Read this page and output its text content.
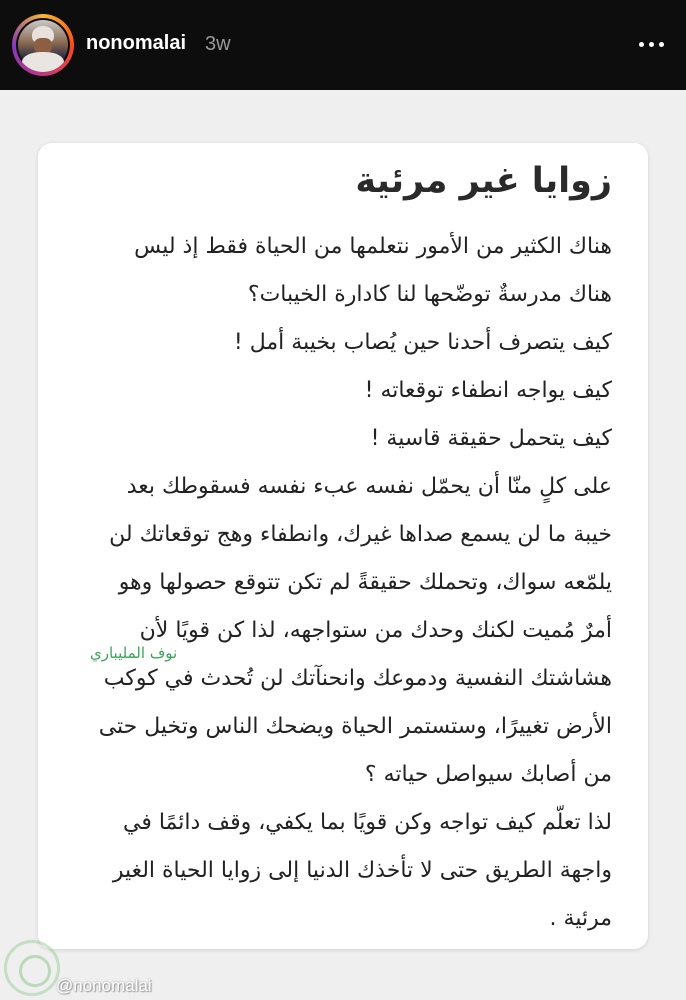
nonomalai 3w
زوايا غير مرئية
هناك الكثير من الأمور نتعلمها من الحياة فقط إذ ليس
هناك مدرسةٌ توضّحها لنا كادارة الخيبات؟
كيف يتصرف أحدنا حين يُصاب بخيبة أمل !
كيف يواجه انطفاء توقعاته !
كيف يتحمل حقيقة قاسية !
على كلٍ منّا أن يحمّل نفسه عبء نفسه فسقوطك بعد
خيبة ما لن يسمع صداها غيرك، وانطفاء وهج توقعاتك لن
يلمّعه سواك، وتحملك حقيقةً لم تكن تتوقع حصولها وهو
أمرٌ مُميت لكنك وحدك من ستواجهه، لذا كن قويًا لأن
هشاشتك النفسية ودموعك وانحنآتك لن تُحدث في كوكب
الأرض تغييرًا، وستستمر الحياة ويضحك الناس وتخيل حتى
من أصابك سيواصل حياته ؟
لذا تعلّم كيف تواجه وكن قويًا بما يكفي، وقف دائمًا في
واجهة الطريق حتى لا تأخذك الدنيا إلى زوايا الحياة الغير
مرئية .
نوف المليباري
@nonomalai
